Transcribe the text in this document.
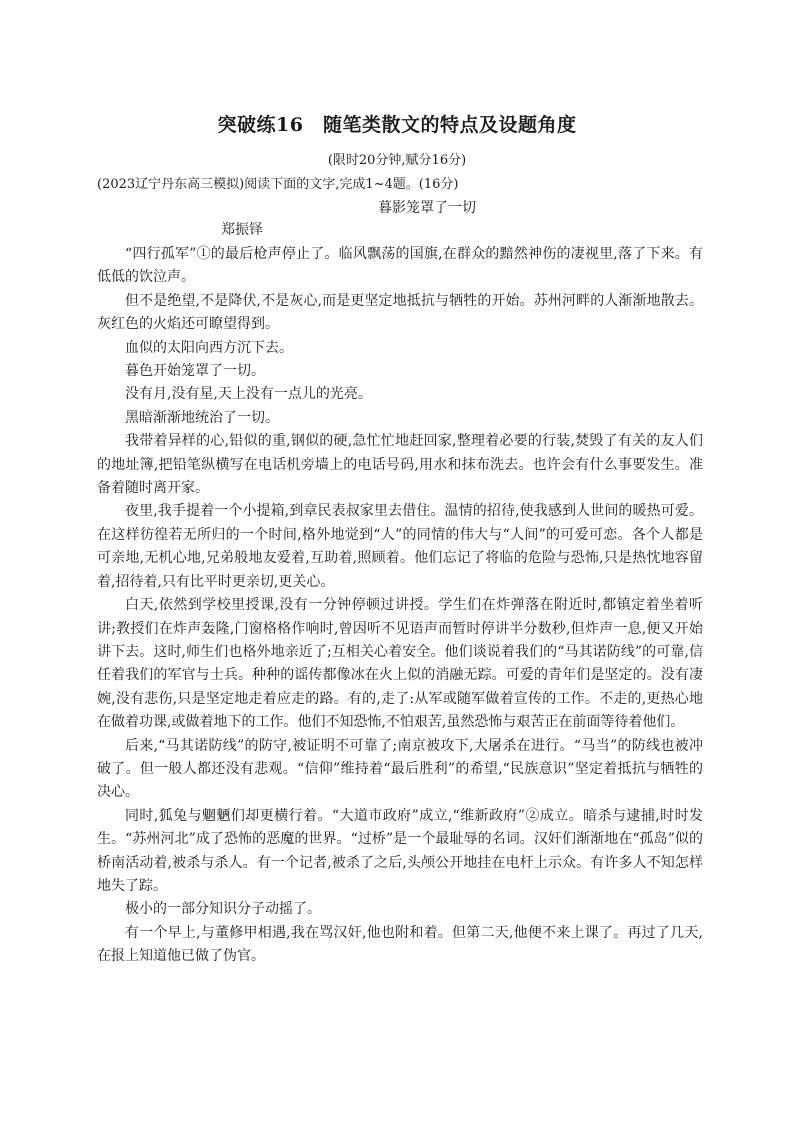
突破练16　随笔类散文的特点及设题角度
(限时20分钟,赋分16分)
(2023辽宁丹东高三模拟)阅读下面的文字,完成1~4题。(16分)
暮影笼罩了一切
郑振铎

“四行孤军”①的最后枪声停止了。临风飘荡的国旗,在群众的黯然神伤的凄视里,落了下来。有低低的饮泣声。

但不是绝望,不是降伏,不是灰心,而是更坚定地抵抗与牺牲的开始。苏州河畔的人渐渐地散去。灰红色的火焰还可瞭望得到。

血似的太阳向西方沉下去。

暮色开始笼罩了一切。

没有月,没有星,天上没有一点儿的光亮。

黑暗渐渐地统治了一切。

我带着异样的心,铅似的重,钢似的硬,急忙忙地赶回家,整理着必要的行装,焚毁了有关的友人们的地址簿,把铅笔纵横写在电话机旁墙上的电话号码,用水和抹布洗去。也许会有什么事要发生。准备着随时离开家。

夜里,我手提着一个小提箱,到章民表叔家里去借住。温情的招待,使我感到人世间的暖热可爱。在这样彷徨若无所归的一个时间,格外地觉到“人”的同情的伟大与“人间”的可爱可恋。各个人都是可亲地,无机心地,兄弟般地友爱着,互助着,照顾着。他们忘记了将临的危险与恐怖,只是热忱地容留着,招待着,只有比平时更亲切,更关心。

白天,依然到学校里授课,没有一分钟停顿过讲授。学生们在炸弹落在附近时,都镇定着坐着听讲;教授们在炸声轰隆,门窗格格作响时,曾因听不见语声而暂时停讲半分数秒,但炸声一息,便又开始讲下去。这时,师生们也格外地亲近了;互相关心着安全。他们谈说着我们的“马其诺防线”的可靠,信任着我们的军官与士兵。种种的谣传都像冰在火上似的消融无踪。可爱的青年们是坚定的。没有凄婉,没有悲伤,只是坚定地走着应走的路。有的,走了:从军或随军做着宣传的工作。不走的,更热心地在做着功课,或做着地下的工作。他们不知恐怖,不怕艰苦,虽然恐怖与艰苦正在前面等待着他们。

后来,“马其诺防线”的防守,被证明不可靠了;南京被攻下,大屠杀在进行。“马当”的防线也被冲破了。但一般人都还没有悲观。“信仰”维持着“最后胜利”的希望,“民族意识”坚定着抵抗与牺牲的决心。

同时,狐兔与魍魉们却更横行着。“大道市政府”成立,“维新政府”②成立。暗杀与逮捕,时时发生。“苏州河北”成了恐怖的恶魔的世界。“过桥”是一个最耻辱的名词。汉奸们渐渐地在“孤岛”似的桥南活动着,被杀与杀人。有一个记者,被杀了之后,头颅公开地挂在电杆上示众。有许多人不知怎样地失了踪。

极小的一部分知识分子动摇了。

有一个早上,与董修甲相遇,我在骂汉奸,他也附和着。但第二天,他便不来上课了。再过了几天,在报上知道他已做了伪官。
